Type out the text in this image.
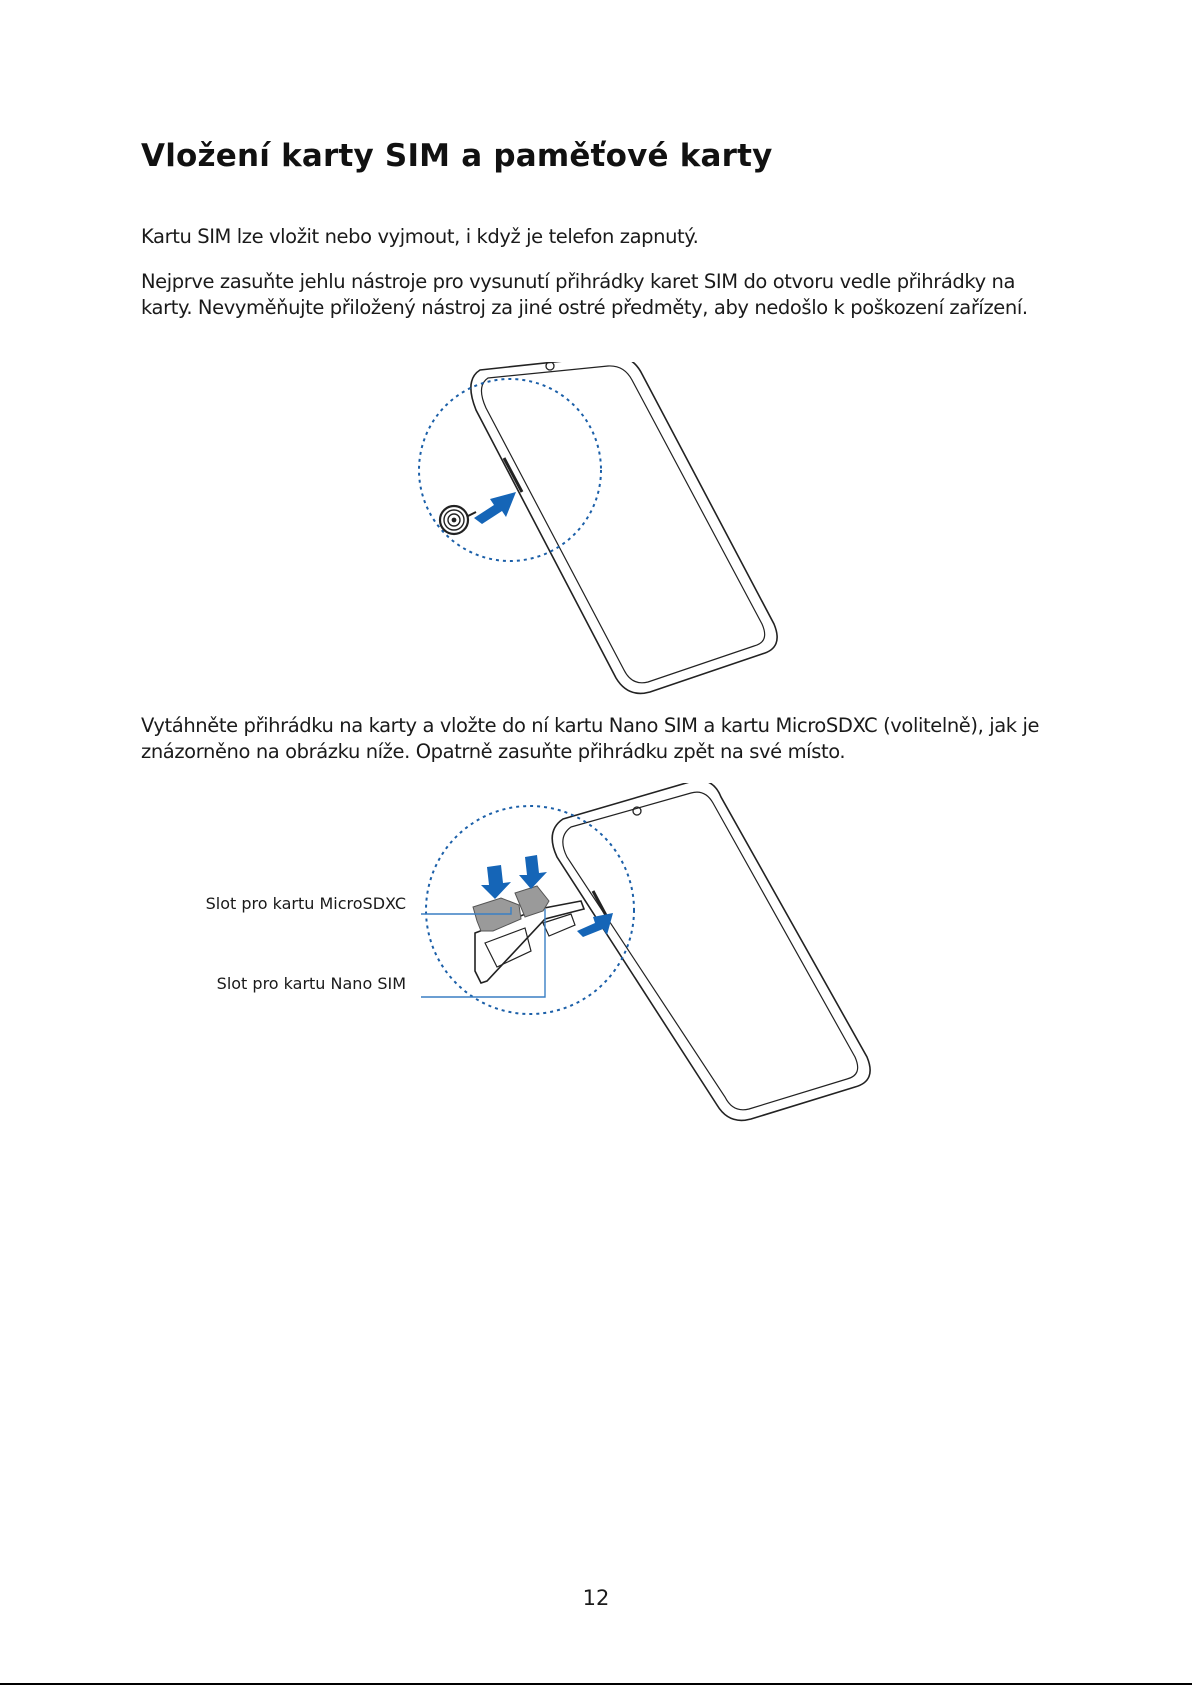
Vložení karty SIM a paměťové karty

Kartu SIM lze vložit nebo vyjmout, i když je telefon zapnutý.

Nejprve zasuňte jehlu nástroje pro vysunutí přihrádky karet SIM do otvoru vedle přihrádky na karty. Nevyměňujte přiložený nástroj za jiné ostré předměty, aby nedošlo k poškození zařízení.

Vytáhněte přihrádku na karty a vložte do ní kartu Nano SIM a kartu MicroSDXC (volitelně), jak je znázorněno na obrázku níže. Opatrně zasuňte přihrádku zpět na své místo.

Slot pro kartu MicroSDXC
Slot pro kartu Nano SIM
12
